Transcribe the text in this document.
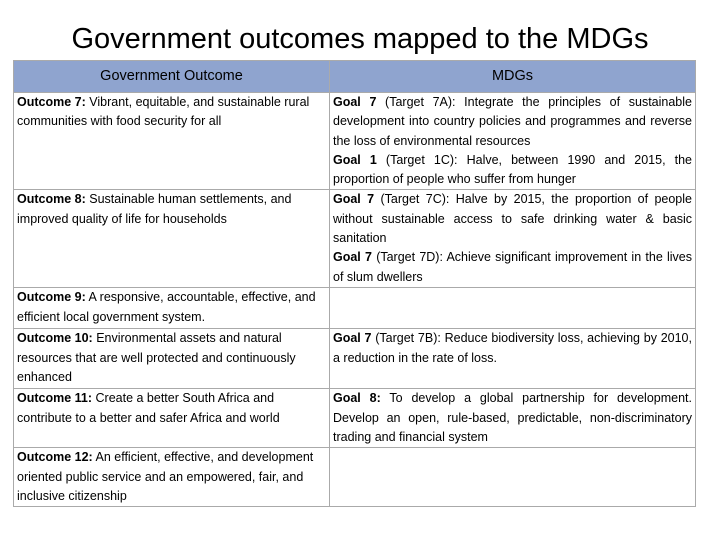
Government outcomes mapped to the MDGs
Government Outcome	MDGs
Outcome 7: Vibrant, equitable, and sustainable rural communities with food security for all	Goal 7 (Target 7A): Integrate the principles of sustainable development into country policies and programmes and reverse the loss of environmental resources
Goal 1 (Target 1C): Halve, between 1990 and 2015, the proportion of people who suffer from hunger

Outcome 8: Sustainable human settlements, and improved quality of life for households	Goal 7 (Target 7C): Halve by 2015, the proportion of people without sustainable access to safe drinking water & basic sanitation
Goal 7 (Target 7D): Achieve significant improvement in the lives of slum dwellers

Outcome 9: A responsive, accountable, effective, and efficient local government system.	
Outcome 10: Environmental assets and natural resources that are well protected and continuously enhanced	Goal 7 (Target 7B): Reduce biodiversity loss, achieving by 2010, a reduction in the rate of loss.

Outcome 11: Create a better South Africa and contribute to a better and safer Africa and world	Goal 8: To develop a global partnership for development. Develop an open, rule-based, predictable, non-discriminatory trading and financial system

Outcome 12: An efficient, effective, and development oriented public service and an empowered, fair, and inclusive citizenship	
